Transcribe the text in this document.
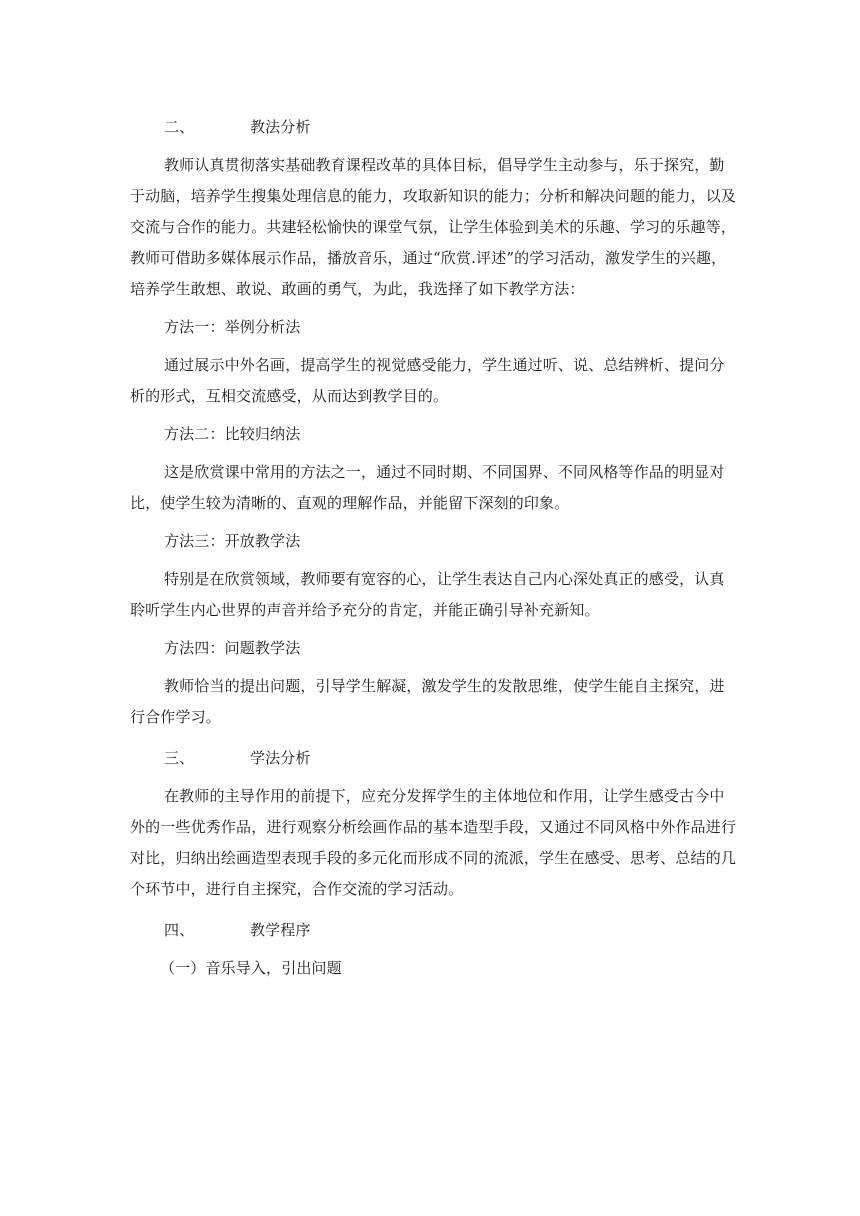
二、	教法分析
教师认真贯彻落实基础教育课程改革的具体目标，倡导学生主动参与，乐于探究，勤
于动脑，培养学生搜集处理信息的能力，攻取新知识的能力；分析和解决问题的能力，以及
交流与合作的能力。共建轻松愉快的课堂气氛，让学生体验到美术的乐趣、学习的乐趣等，
教师可借助多媒体展示作品，播放音乐，通过“欣赏.评述”的学习活动，激发学生的兴趣，
培养学生敢想、敢说、敢画的勇气，为此，我选择了如下教学方法：
方法一：举例分析法
通过展示中外名画，提高学生的视觉感受能力，学生通过听、说、总结辨析、提问分
析的形式，互相交流感受，从而达到教学目的。
方法二：比较归纳法
这是欣赏课中常用的方法之一，通过不同时期、不同国界、不同风格等作品的明显对
比，使学生较为清晰的、直观的理解作品，并能留下深刻的印象。
方法三：开放教学法
特别是在欣赏领域，教师要有宽容的心，让学生表达自己内心深处真正的感受，认真
聆听学生内心世界的声音并给予充分的肯定，并能正确引导补充新知。
方法四：问题教学法
教师恰当的提出问题，引导学生解凝，激发学生的发散思维，使学生能自主探究，进
行合作学习。
三、	学法分析
在教师的主导作用的前提下，应充分发挥学生的主体地位和作用，让学生感受古今中
外的一些优秀作品，进行观察分析绘画作品的基本造型手段，又通过不同风格中外作品进行
对比，归纳出绘画造型表现手段的多元化而形成不同的流派，学生在感受、思考、总结的几
个环节中，进行自主探究，合作交流的学习活动。
四、	教学程序
（一）音乐导入，引出问题
